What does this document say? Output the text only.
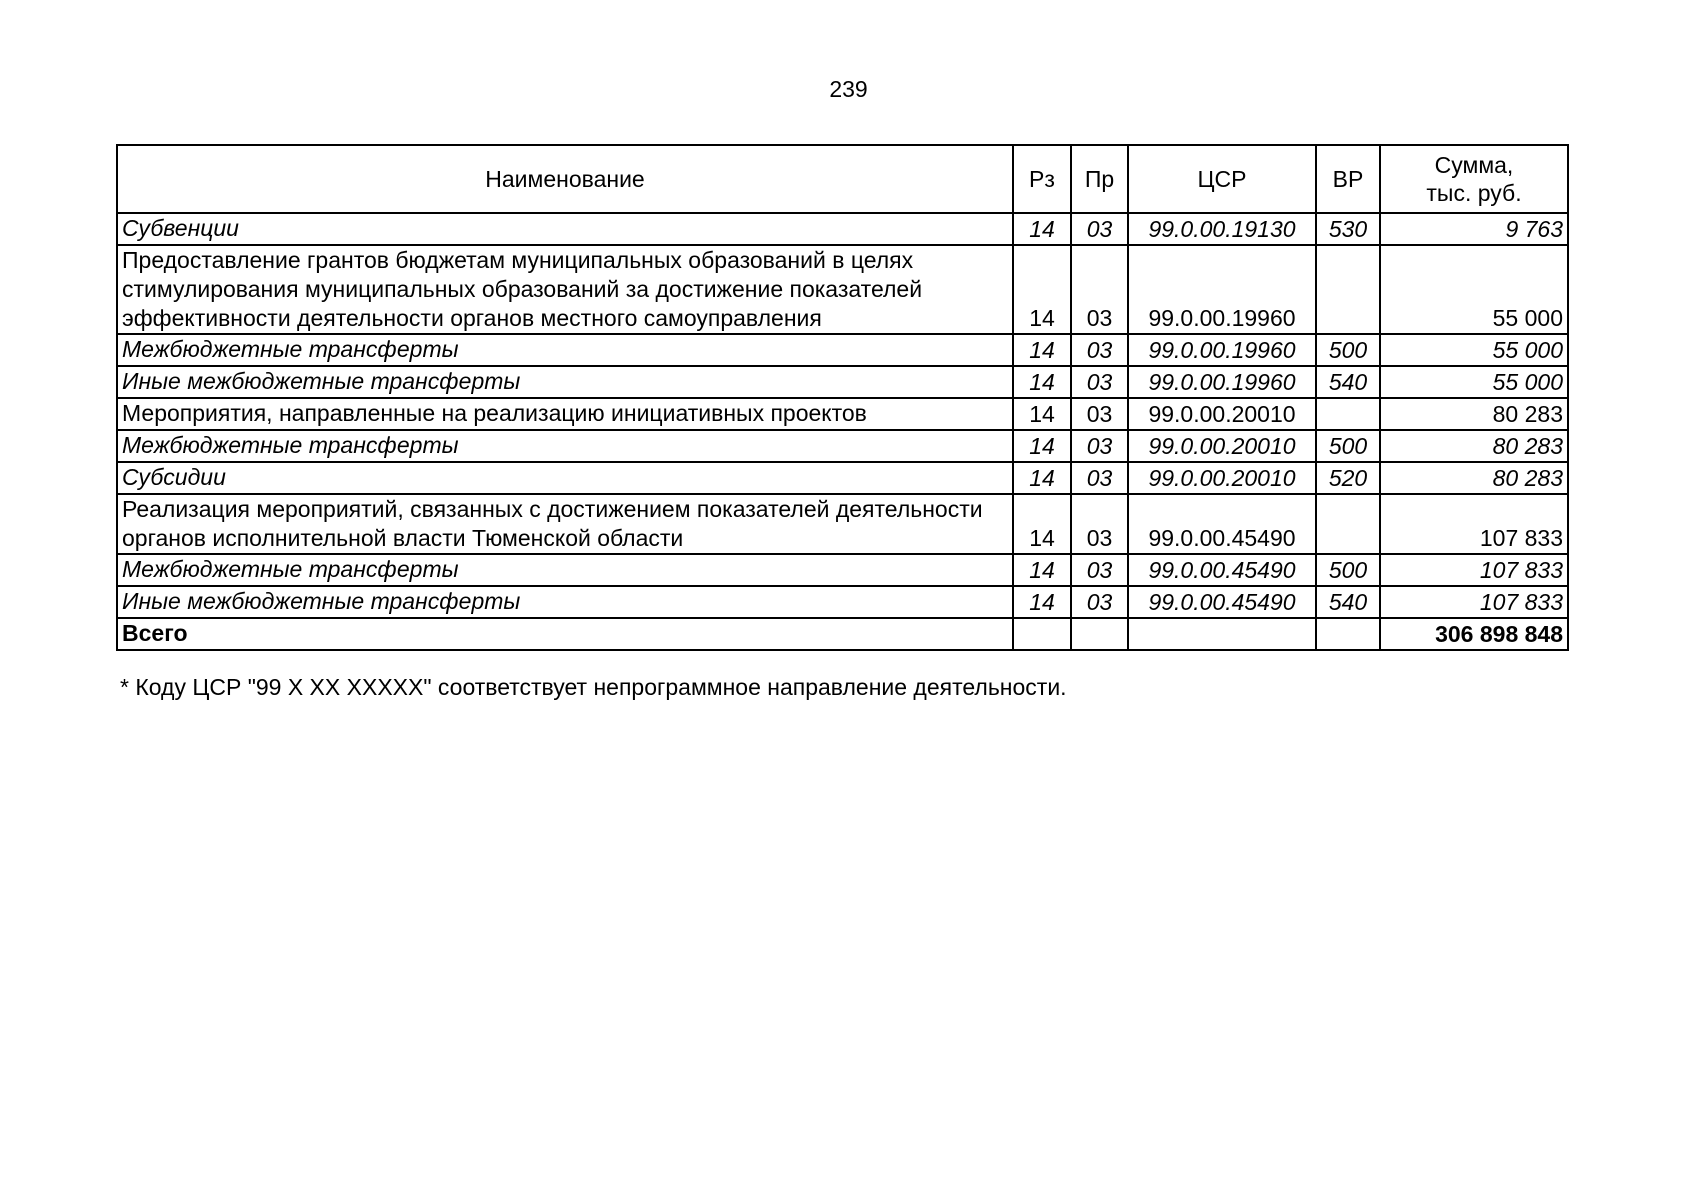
239
Наименование	Рз	Пр	ЦСР	ВР	Сумма,
тыс. руб.
Субвенции	14	03	99.0.00.19130	530	9 763
Предоставление грантов бюджетам муниципальных образований в целях стимулирования муниципальных образований за достижение показателей эффективности деятельности органов местного самоуправления	14	03	99.0.00.19960		55 000
Межбюджетные трансферты	14	03	99.0.00.19960	500	55 000
Иные межбюджетные трансферты	14	03	99.0.00.19960	540	55 000
Мероприятия, направленные на реализацию инициативных проектов	14	03	99.0.00.20010		80 283
Межбюджетные трансферты	14	03	99.0.00.20010	500	80 283
Субсидии	14	03	99.0.00.20010	520	80 283
Реализация мероприятий, связанных с достижением показателей деятельности органов исполнительной власти Тюменской области	14	03	99.0.00.45490		107 833
Межбюджетные трансферты	14	03	99.0.00.45490	500	107 833
Иные межбюджетные трансферты	14	03	99.0.00.45490	540	107 833
Всего					306 898 848
* Коду ЦСР "99 Х ХХ ХХХХХ" соответствует непрограммное направление деятельности.
